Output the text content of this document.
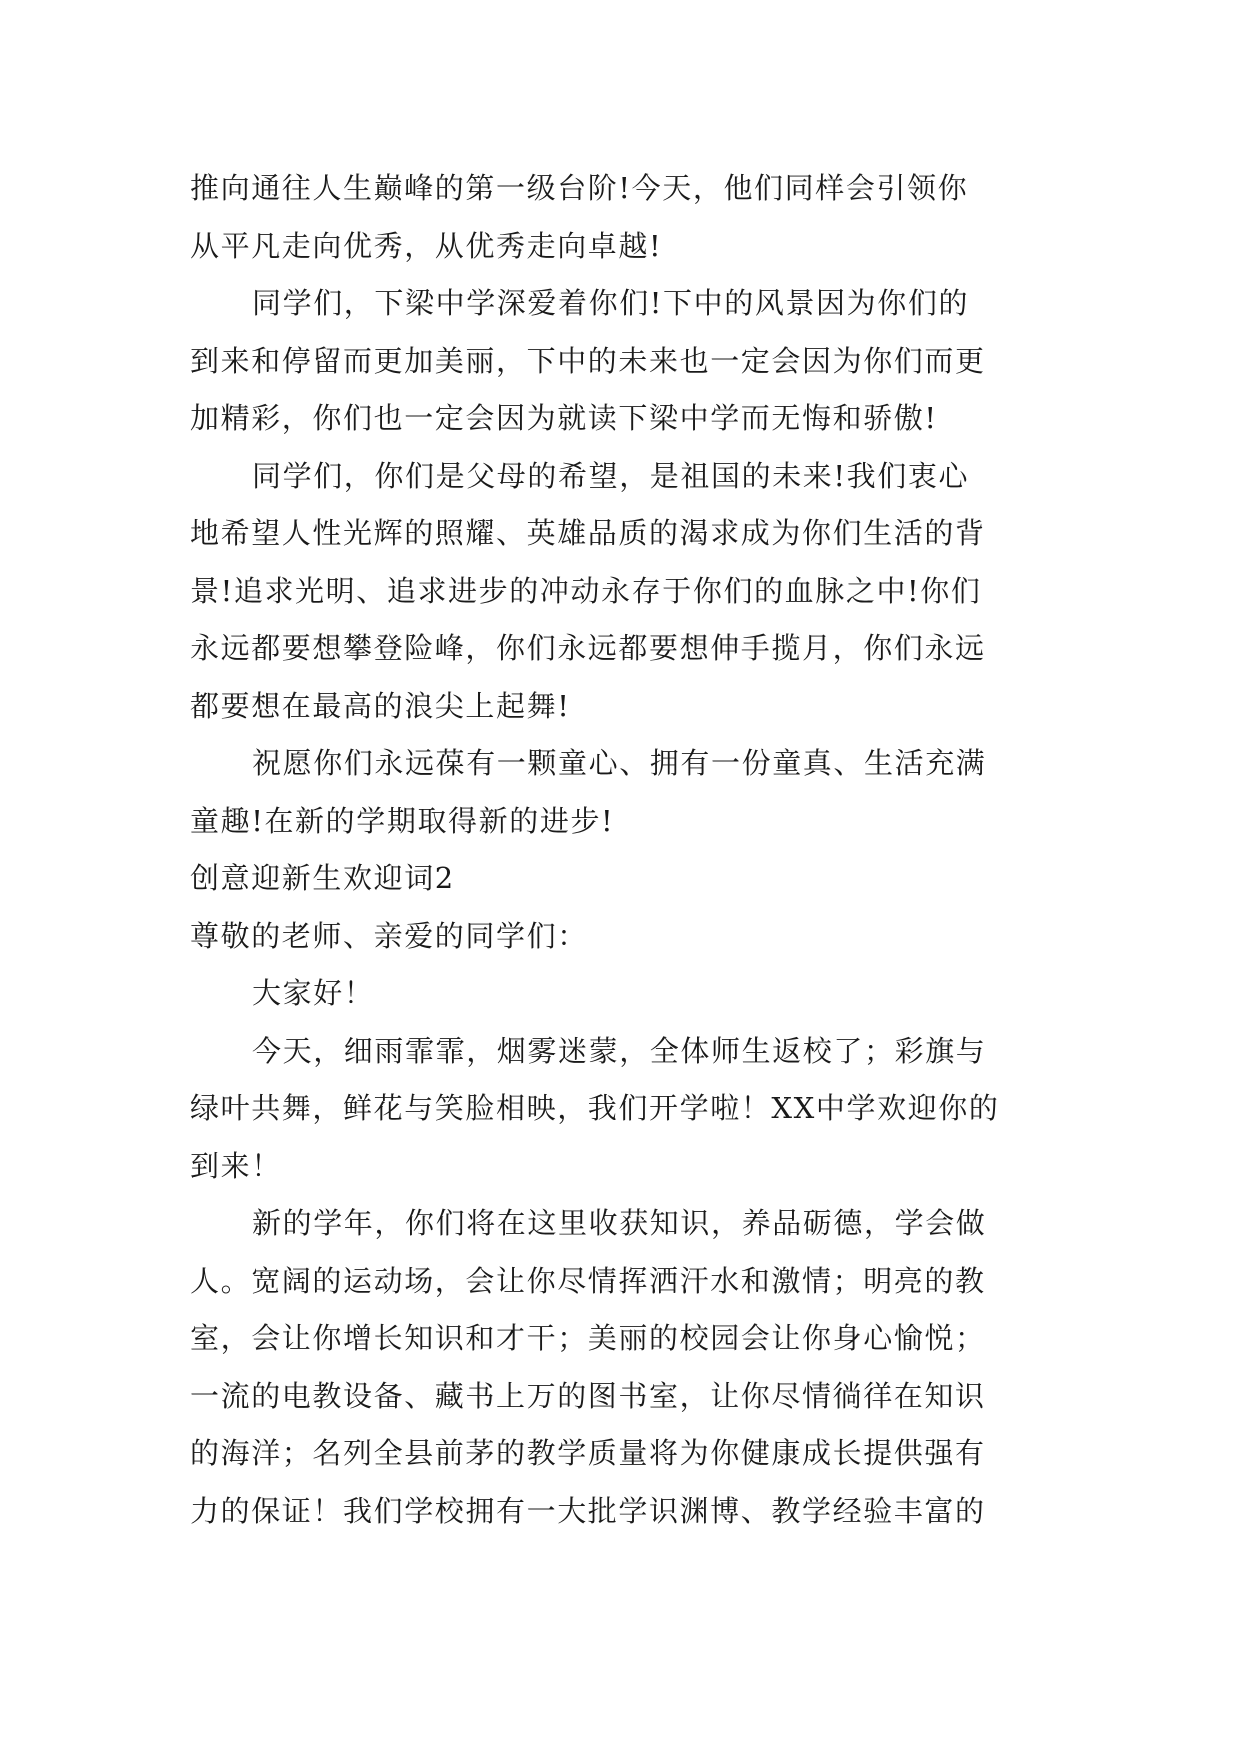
推向通往人生巅峰的第一级台阶!今天，他们同样会引领你
从平凡走向优秀，从优秀走向卓越!

同学们，下梁中学深爱着你们!下中的风景因为你们的
到来和停留而更加美丽，下中的未来也一定会因为你们而更
加精彩，你们也一定会因为就读下梁中学而无悔和骄傲!

同学们，你们是父母的希望，是祖国的未来!我们衷心
地希望人性光辉的照耀、英雄品质的渴求成为你们生活的背
景!追求光明、追求进步的冲动永存于你们的血脉之中!你们
永远都要想攀登险峰，你们永远都要想伸手揽月，你们永远
都要想在最高的浪尖上起舞!

祝愿你们永远葆有一颗童心、拥有一份童真、生活充满
童趣!在新的学期取得新的进步!

创意迎新生欢迎词2

尊敬的老师、亲爱的同学们：

大家好！

今天，细雨霏霏，烟雾迷蒙，全体师生返校了；彩旗与
绿叶共舞，鲜花与笑脸相映，我们开学啦！XX中学欢迎你的
到来！

新的学年，你们将在这里收获知识，养品砺德，学会做
人。宽阔的运动场，会让你尽情挥洒汗水和激情；明亮的教
室，会让你增长知识和才干；美丽的校园会让你身心愉悦；
一流的电教设备、藏书上万的图书室，让你尽情徜徉在知识
的海洋；名列全县前茅的教学质量将为你健康成长提供强有
力的保证！我们学校拥有一大批学识渊博、教学经验丰富的
